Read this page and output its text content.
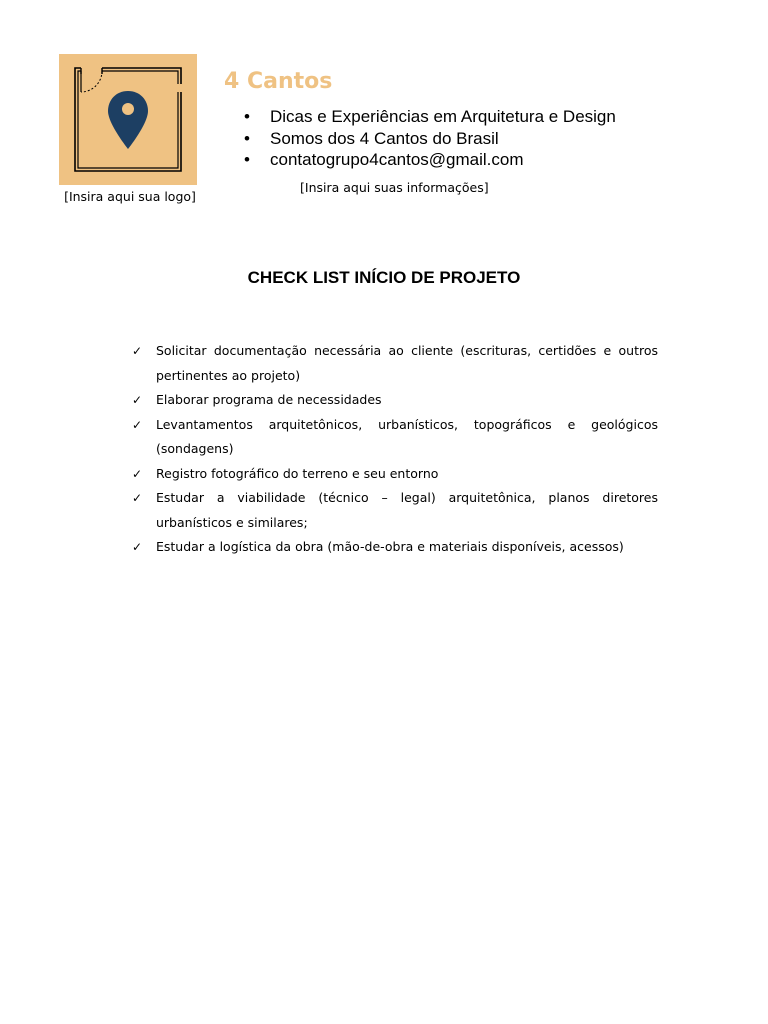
[Insira aqui sua logo]
4 Cantos
• Dicas e Experiências em Arquitetura e Design
• Somos dos 4 Cantos do Brasil
• contatogrupo4cantos@gmail.com
[Insira aqui suas informações]
CHECK LIST INÍCIO DE PROJETO
✓ Solicitar documentação necessária ao cliente (escrituras, certidões e outros pertinentes ao projeto)
✓ Elaborar programa de necessidades
✓ Levantamentos arquitetônicos, urbanísticos, topográficos e geológicos (sondagens)
✓ Registro fotográfico do terreno e seu entorno
✓ Estudar a viabilidade (técnico – legal) arquitetônica, planos diretores urbanísticos e similares;
✓ Estudar a logística da obra (mão-de-obra e materiais disponíveis, acessos)
